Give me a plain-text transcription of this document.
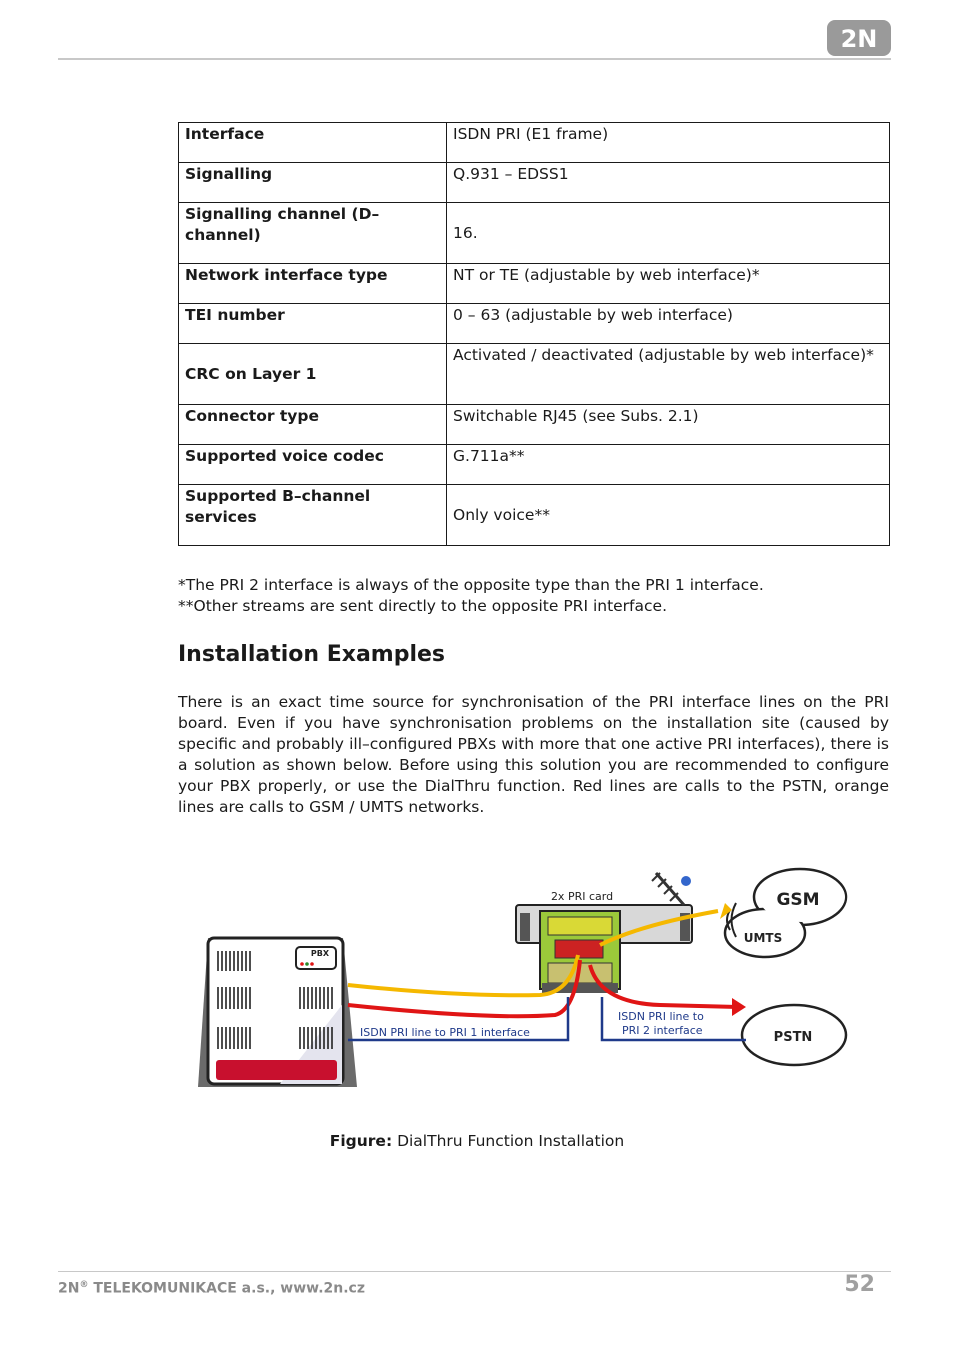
2N
Interface	ISDN PRI (E1 frame)
Signalling	Q.931 – EDSS1
Signalling channel (D–channel)	16.
Network interface type	NT or TE (adjustable by web interface)*
TEI number	0 – 63 (adjustable by web interface)
CRC on Layer 1	Activated / deactivated (adjustable by web interface)*
Connector type	Switchable RJ45 (see Subs. 2.1)
Supported voice codec	G.711a**
Supported B–channel services	Only voice**
*The PRI 2 interface is always of the opposite type than the PRI 1 interface.
**Other streams are sent directly to the opposite PRI interface.
Installation Examples
There is an exact time source for synchronisation of the PRI interface lines on the PRI board. Even if you have synchronisation problems on the installation site (caused by specific and probably ill–configured PBXs with more that one active PRI interfaces), there is a solution as shown below. Before using this solution you are recommended to configure your PBX properly, or use the DialThru function. Red lines are calls to the PSTN, orange lines are calls to GSM / UMTS networks.
PBX
2x PRI card	GSM
UMTS
PSTN
ISDN PRI line to PRI 1 interface
ISDN PRI line to
PRI 2 interface
Figure: DialThru Function Installation
2N® TELEKOMUNIKACE a.s., www.2n.cz	52
